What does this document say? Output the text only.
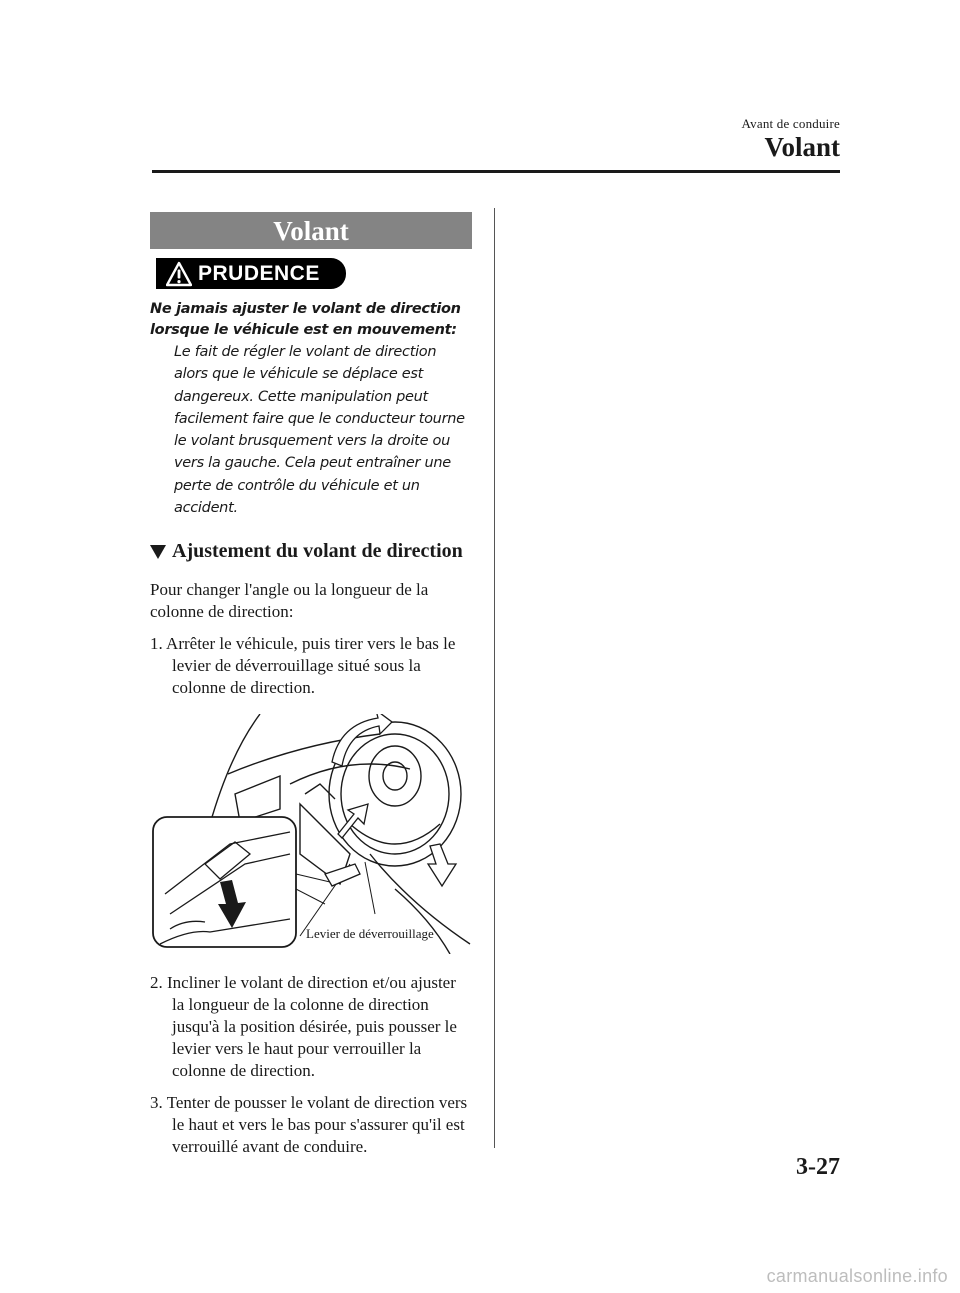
Avant de conduire
Volant
Volant
PRUDENCE
Ne jamais ajuster le volant de direction lorsque le véhicule est en mouvement:
Le fait de régler le volant de direction alors que le véhicule se déplace est dangereux. Cette manipulation peut facilement faire que le conducteur tourne le volant brusquement vers la droite ou vers la gauche. Cela peut entraîner une perte de contrôle du véhicule et un accident.
Ajustement du volant de direction
Pour changer l'angle ou la longueur de la colonne de direction:
1. Arrêter le véhicule, puis tirer vers le bas le levier de déverrouillage situé sous la colonne de direction.
Levier de déverrouillage
2. Incliner le volant de direction et/ou ajuster la longueur de la colonne de direction jusqu'à la position désirée, puis pousser le levier vers le haut pour verrouiller la colonne de direction.
3. Tenter de pousser le volant de direction vers le haut et vers le bas pour s'assurer qu'il est verrouillé avant de conduire.
3-27
carmanualsonline.info
